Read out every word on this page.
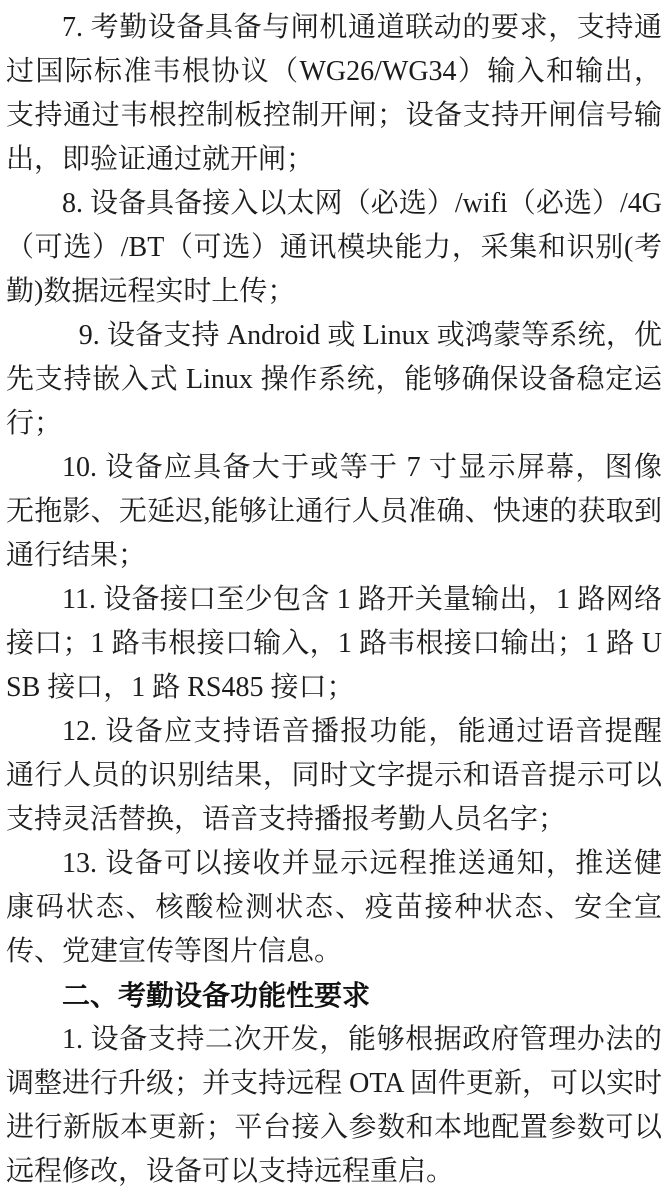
7. 考勤设备具备与闸机通道联动的要求，支持通过国际标准韦根协议（WG26/WG34）输入和输出，支持通过韦根控制板控制开闸；设备支持开闸信号输出，即验证通过就开闸；

8. 设备具备接入以太网（必选）/wifi（必选）/4G（可选）/BT（可选）通讯模块能力，采集和识别(考勤)数据远程实时上传；

9. 设备支持 Android 或 Linux 或鸿蒙等系统，优先支持嵌入式 Linux 操作系统，能够确保设备稳定运行；

10. 设备应具备大于或等于 7 寸显示屏幕，图像无拖影、无延迟,能够让通行人员准确、快速的获取到通行结果；

11. 设备接口至少包含 1 路开关量输出，1 路网络接口；1 路韦根接口输入，1 路韦根接口输出；1 路 USB 接口，1 路 RS485 接口；

12. 设备应支持语音播报功能，能通过语音提醒通行人员的识别结果，同时文字提示和语音提示可以支持灵活替换，语音支持播报考勤人员名字；

13. 设备可以接收并显示远程推送通知，推送健康码状态、核酸检测状态、疫苗接种状态、安全宣传、党建宣传等图片信息。

二、考勤设备功能性要求

1. 设备支持二次开发，能够根据政府管理办法的调整进行升级；并支持远程 OTA 固件更新，可以实时进行新版本更新；平台接入参数和本地配置参数可以远程修改，设备可以支持远程重启。
